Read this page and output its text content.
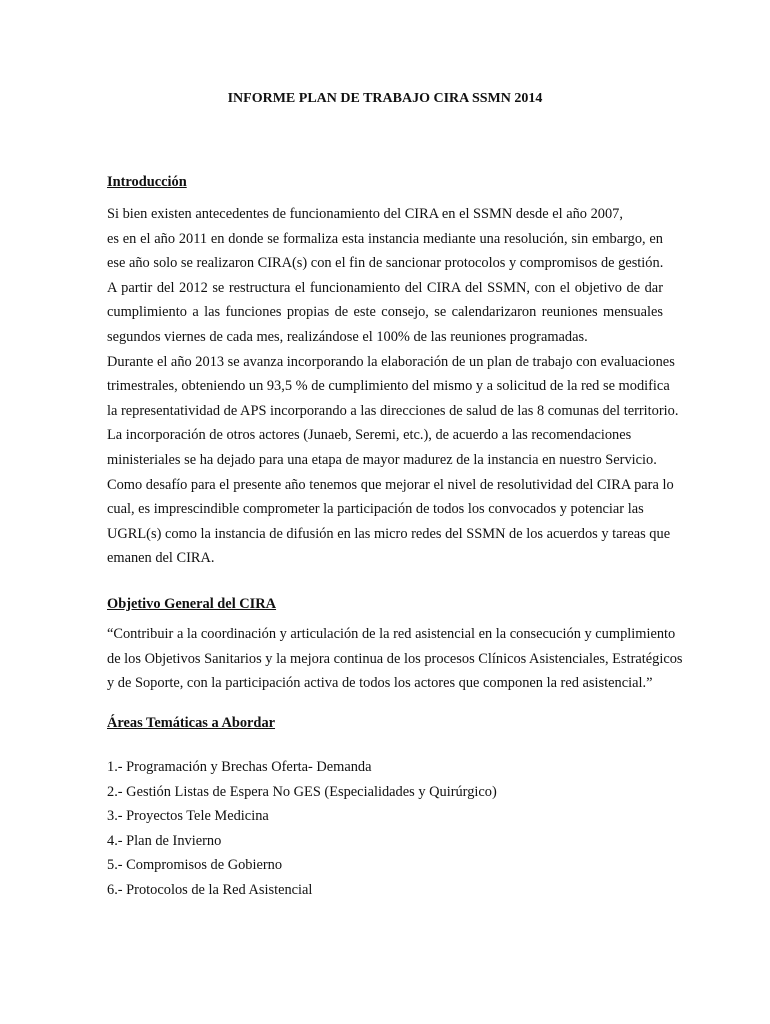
INFORME PLAN DE TRABAJO CIRA SSMN 2014
Introducción
Si bien existen antecedentes de funcionamiento del CIRA en el SSMN desde el año 2007,
es en el año 2011 en donde se formaliza esta instancia mediante una resolución, sin embargo, en
ese año solo se realizaron CIRA(s) con el fin de sancionar protocolos y compromisos de gestión.
A partir del 2012 se restructura el funcionamiento del CIRA del SSMN, con el objetivo de dar
cumplimiento a las funciones propias de este consejo, se calendarizaron reuniones mensuales
segundos viernes de cada mes, realizándose el 100% de las reuniones programadas.
Durante el año 2013 se avanza incorporando la elaboración de un plan de trabajo con evaluaciones
trimestrales, obteniendo un 93,5 % de cumplimiento del mismo y a solicitud de la red se modifica
la representatividad de APS incorporando a las direcciones de salud de las 8 comunas del territorio.
La incorporación de otros actores (Junaeb, Seremi, etc.), de acuerdo a las recomendaciones
ministeriales se ha dejado para una etapa de mayor madurez de la instancia en nuestro Servicio.
Como desafío para el presente año tenemos que mejorar el nivel de resolutividad del CIRA para lo
cual, es imprescindible comprometer la participación de todos los convocados y potenciar las
UGRL(s) como la instancia de difusión en las micro redes del SSMN de los acuerdos y tareas que
emanen del CIRA.
Objetivo General del CIRA
“Contribuir a la coordinación y articulación de la red asistencial en la consecución y cumplimiento
de los Objetivos Sanitarios y la mejora continua de los procesos Clínicos Asistenciales, Estratégicos
y de Soporte, con la participación activa de todos los actores que componen la red asistencial.”
Áreas Temáticas a Abordar
1.- Programación y Brechas Oferta- Demanda
2.- Gestión Listas de Espera No GES (Especialidades y Quirúrgico)
3.- Proyectos Tele Medicina
4.- Plan de Invierno
5.- Compromisos de Gobierno
6.- Protocolos de la Red Asistencial
